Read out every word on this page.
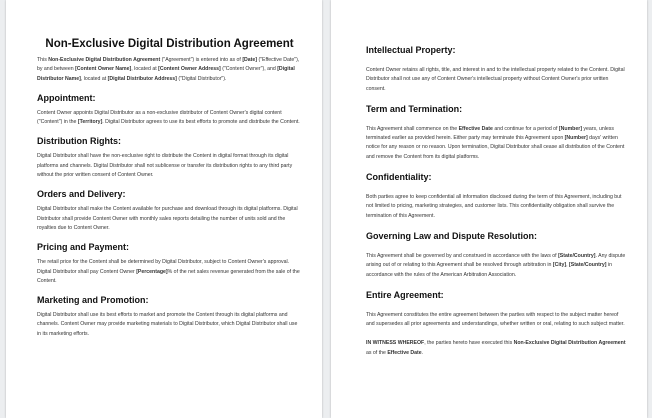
Non-Exclusive Digital Distribution Agreement

This Non-Exclusive Digital Distribution Agreement ("Agreement") is entered into as of [Date] ("Effective Date"), by and between [Content Owner Name], located at [Content Owner Address] ("Content Owner"), and [Digital Distributor Name], located at [Digital Distributor Address] ("Digital Distributor").

Appointment:

Content Owner appoints Digital Distributor as a non-exclusive distributor of Content Owner's digital content ("Content") in the [Territory]. Digital Distributor agrees to use its best efforts to promote and distribute the Content.

Distribution Rights:

Digital Distributor shall have the non-exclusive right to distribute the Content in digital format through its digital platforms and channels. Digital Distributor shall not sublicense or transfer its distribution rights to any third party without the prior written consent of Content Owner.

Orders and Delivery:

Digital Distributor shall make the Content available for purchase and download through its digital platforms. Digital Distributor shall provide Content Owner with monthly sales reports detailing the number of units sold and the royalties due to Content Owner.

Pricing and Payment:

The retail price for the Content shall be determined by Digital Distributor, subject to Content Owner's approval. Digital Distributor shall pay Content Owner [Percentage]% of the net sales revenue generated from the sale of the Content.

Marketing and Promotion:

Digital Distributor shall use its best efforts to market and promote the Content through its digital platforms and channels. Content Owner may provide marketing materials to Digital Distributor, which Digital Distributor shall use in its marketing efforts.

Intellectual Property:

Content Owner retains all rights, title, and interest in and to the intellectual property related to the Content. Digital Distributor shall not use any of Content Owner's intellectual property without Content Owner's prior written consent.

Term and Termination:

This Agreement shall commence on the Effective Date and continue for a period of [Number] years, unless terminated earlier as provided herein. Either party may terminate this Agreement upon [Number] days' written notice for any reason or no reason. Upon termination, Digital Distributor shall cease all distribution of the Content and remove the Content from its digital platforms.

Confidentiality:

Both parties agree to keep confidential all information disclosed during the term of this Agreement, including but not limited to pricing, marketing strategies, and customer lists. This confidentiality obligation shall survive the termination of this Agreement.

Governing Law and Dispute Resolution:

This Agreement shall be governed by and construed in accordance with the laws of [State/Country]. Any dispute arising out of or relating to this Agreement shall be resolved through arbitration in [City], [State/Country] in accordance with the rules of the American Arbitration Association.

Entire Agreement:

This Agreement constitutes the entire agreement between the parties with respect to the subject matter hereof and supersedes all prior agreements and understandings, whether written or oral, relating to such subject matter.

IN WITNESS WHEREOF, the parties hereto have executed this Non-Exclusive Digital Distribution Agreement as of the Effective Date.
